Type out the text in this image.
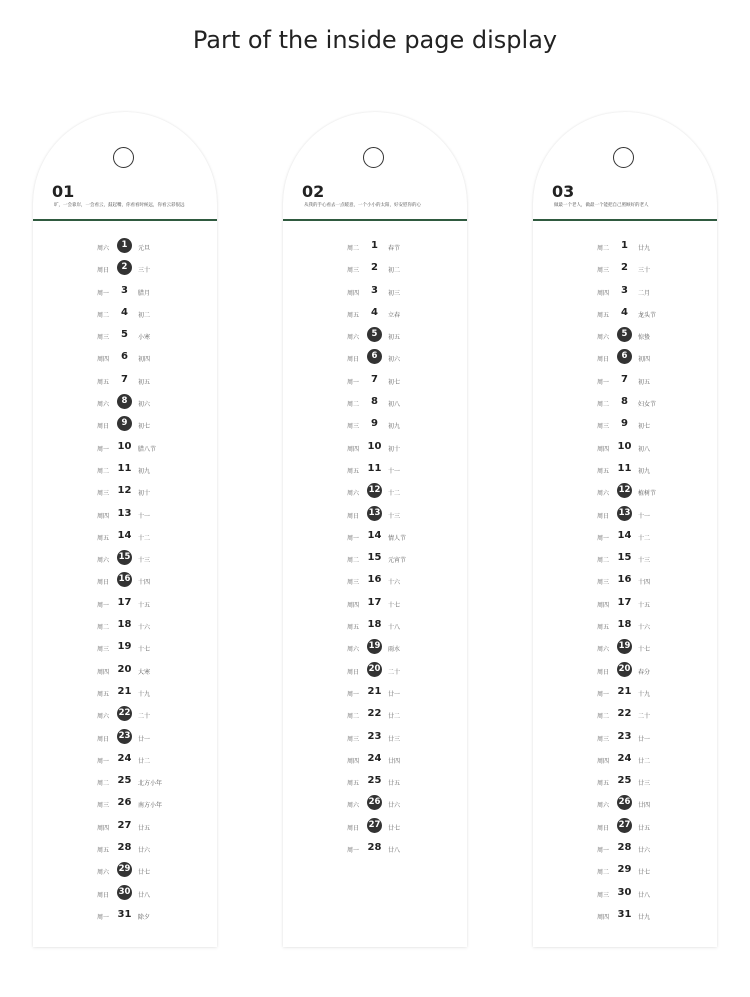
Part of the inside page display
01
旷，一会靠岸，一会看云，鼓起嘴，你看看时候远，你看云彩很远
周六	1	元旦
周日	2	三十
周一	3	腊月
周二	4	初二
周三	5	小寒
周四	6	初四
周五	7	初五
周六	8	初六
周日	9	初七
周一 10 腊八节
周二 11 初九
周三 12 初十
周四 13 十一
周五 14 十二
周六	15 十三
周日	16 十四
周一 17 十五
周二 18 十六
周三 19 十七
周四 20 大寒
周五 21 十九
周六	22 二十
周日	23 廿一
周一 24 廿二
周二 25 北方小年
周三 26 南方小年
周四 27 廿五
周五 28 廿六
周六	29 廿七
周日	30 廿八
周一 31 除夕
02
从我的手心看去一点暖意，一个小小的太阳，好安慰你的心
周二	1	春节
周三	2	初二
周四	3	初三
周五	4	立春
周六	5	初五
周日	6	初六
周一	7	初七
周二	8	初八
周三	9	初九
周四 10 初十
周五 11 十一
周六	12 十二
周日	13 十三
周一 14 情人节
周二 15 元宵节
周三 16 十六
周四 17 十七
周五 18 十八
周六	19 雨水
周日	20 二十
周一 21 廿一
周二 22 廿二
周三 23 廿三
周四 24 廿四
周五 25 廿五
周六	26 廿六
周日	27 廿七
周一 28 廿八
03
做最一个老人，做最一个能把自己照顾好的老人
周二	1	廿九
周三	2	三十
周四	3	二月
周五	4	龙头节
周六	5	惊蛰
周日	6	初四
周一	7	初五
周二	8	妇女节
周三	9	初七
周四 10 初八
周五 11 初九
周六	12 植树节
周日	13 十一
周一 14 十二
周二 15 十三
周三 16 十四
周四 17 十五
周五 18 十六
周六	19 十七
周日	20 春分
周一 21 十九
周二 22 二十
周三 23 廿一
周四 24 廿二
周五 25 廿三
周六	26 廿四
周日	27 廿五
周一 28 廿六
周二 29 廿七
周三 30 廿八
周四 31 廿九
